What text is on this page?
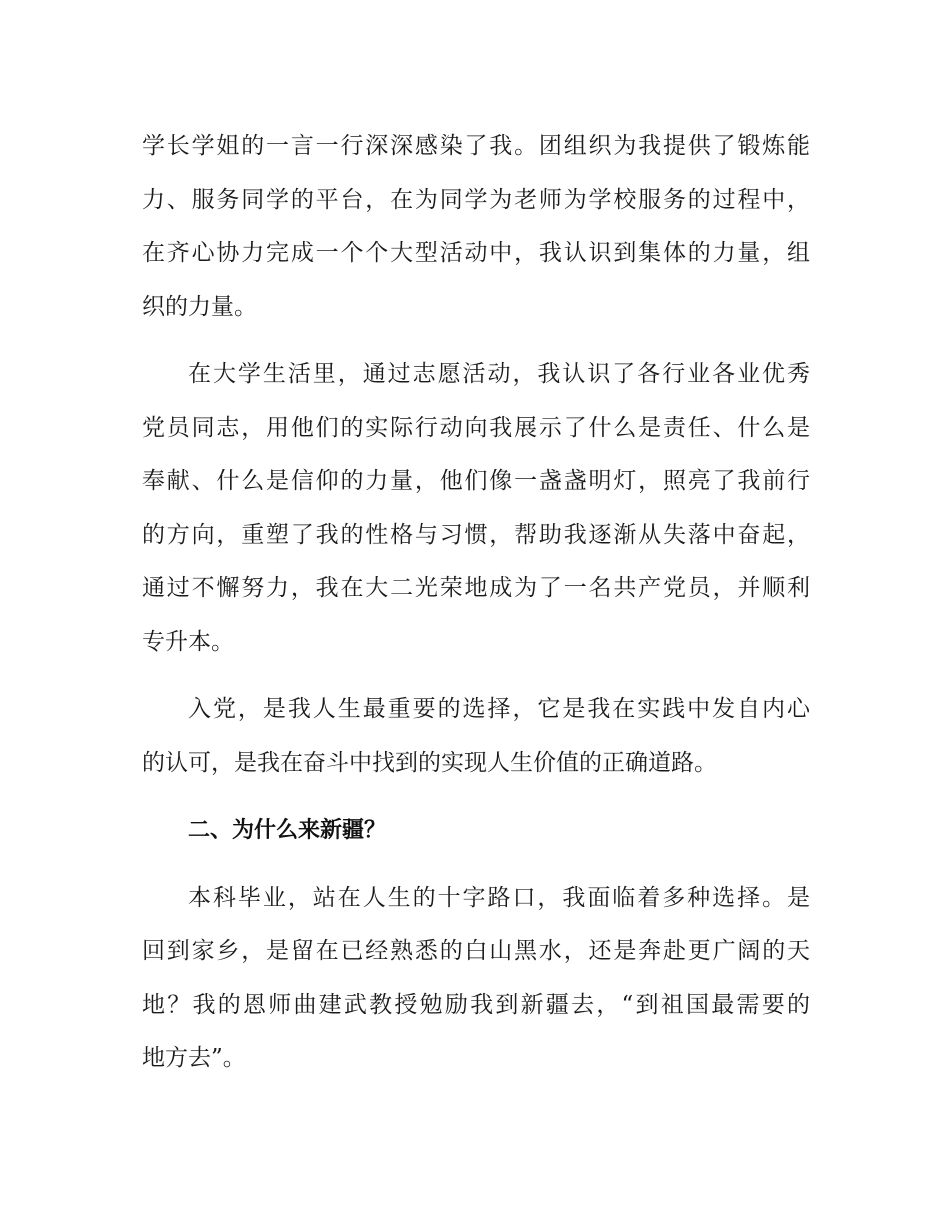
学长学姐的一言一行深深感染了我。团组织为我提供了锻炼能
力、服务同学的平台，在为同学为老师为学校服务的过程中，
在齐心协力完成一个个大型活动中，我认识到集体的力量，组
织的力量。
在大学生活里，通过志愿活动，我认识了各行业各业优秀
党员同志，用他们的实际行动向我展示了什么是责任、什么是
奉献、什么是信仰的力量，他们像一盏盏明灯，照亮了我前行
的方向，重塑了我的性格与习惯，帮助我逐渐从失落中奋起，
通过不懈努力，我在大二光荣地成为了一名共产党员，并顺利
专升本。
入党，是我人生最重要的选择，它是我在实践中发自内心
的认可，是我在奋斗中找到的实现人生价值的正确道路。
二、为什么来新疆？
本科毕业，站在人生的十字路口，我面临着多种选择。是
回到家乡，是留在已经熟悉的白山黑水，还是奔赴更广阔的天
地？我的恩师曲建武教授勉励我到新疆去，“到祖国最需要的
地方去”。
